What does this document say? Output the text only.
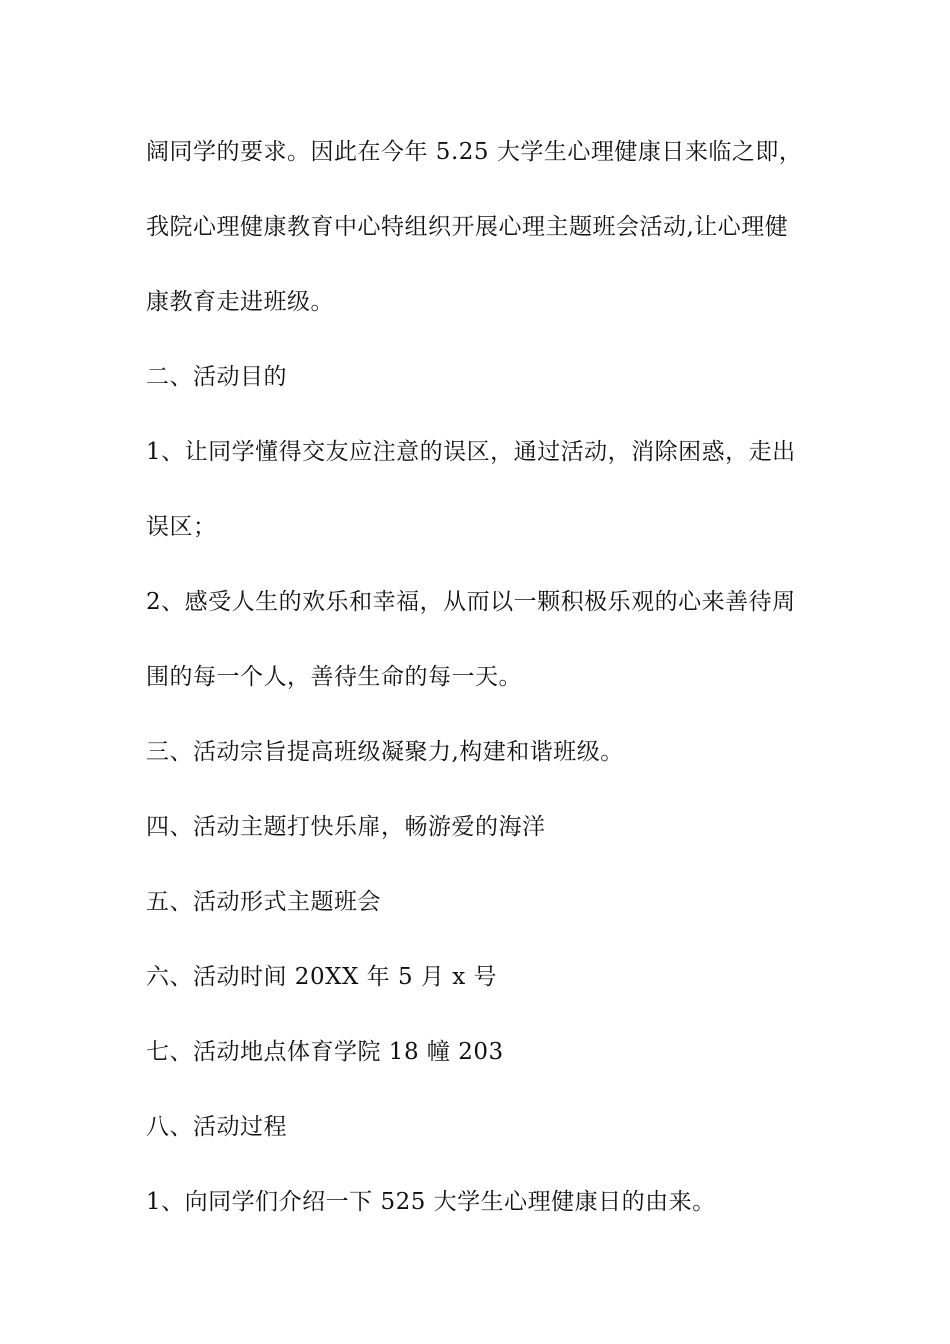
阔同学的要求。因此在今年 5.25 大学生心理健康日来临之即，
我院心理健康教育中心特组织开展心理主题班会活动,让心理健
康教育走进班级。
二、活动目的
1、让同学懂得交友应注意的误区，通过活动，消除困惑，走出
误区；
2、感受人生的欢乐和幸福，从而以一颗积极乐观的心来善待周
围的每一个人，善待生命的每一天。
三、活动宗旨提高班级凝聚力,构建和谐班级。
四、活动主题打快乐扉，畅游爱的海洋
五、活动形式主题班会
六、活动时间 20XX 年 5 月 x 号
七、活动地点体育学院 18 幢 203
八、活动过程
1、向同学们介绍一下 525 大学生心理健康日的由来。
